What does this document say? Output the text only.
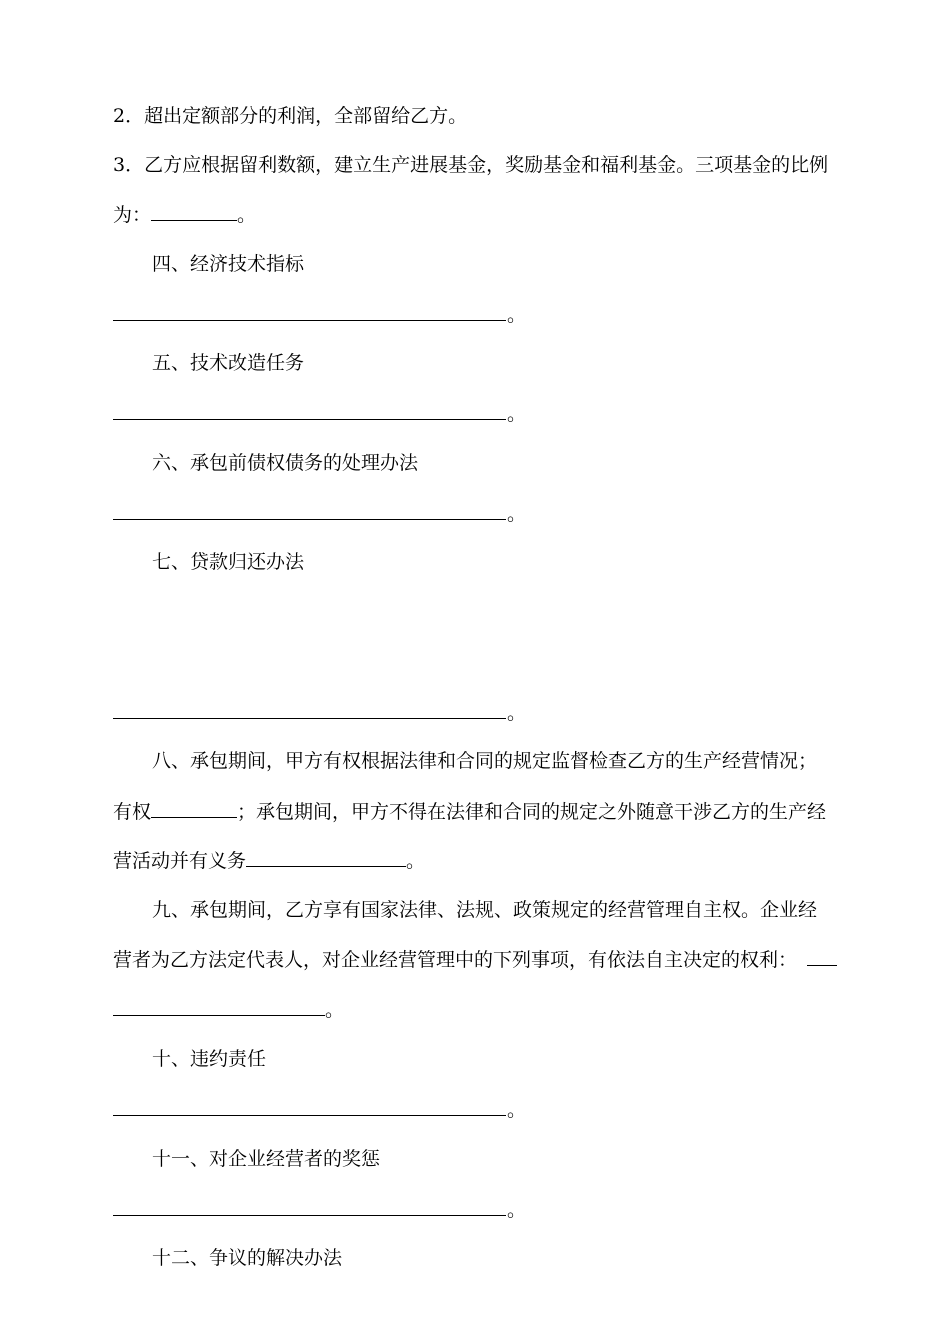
2．超出定额部分的利润，全部留给乙方。
3．乙方应根据留利数额，建立生产进展基金，奖励基金和福利基金。三项基金的比例
为：	。
四、经济技术指标
。
五、技术改造任务
。
六、承包前债权债务的处理办法
。
七、贷款归还办法
。
八、承包期间，甲方有权根据法律和合同的规定监督检查乙方的生产经营情况；
有权	；承包期间，甲方不得在法律和合同的规定之外随意干涉乙方的生产经
营活动并有义务	。
九、承包期间，乙方享有国家法律、法规、政策规定的经营管理自主权。企业经
营者为乙方法定代表人，对企业经营管理中的下列事项，有依法自主决定的权利：
。
十、违约责任
。
十一、对企业经营者的奖惩
。
十二、争议的解决办法
